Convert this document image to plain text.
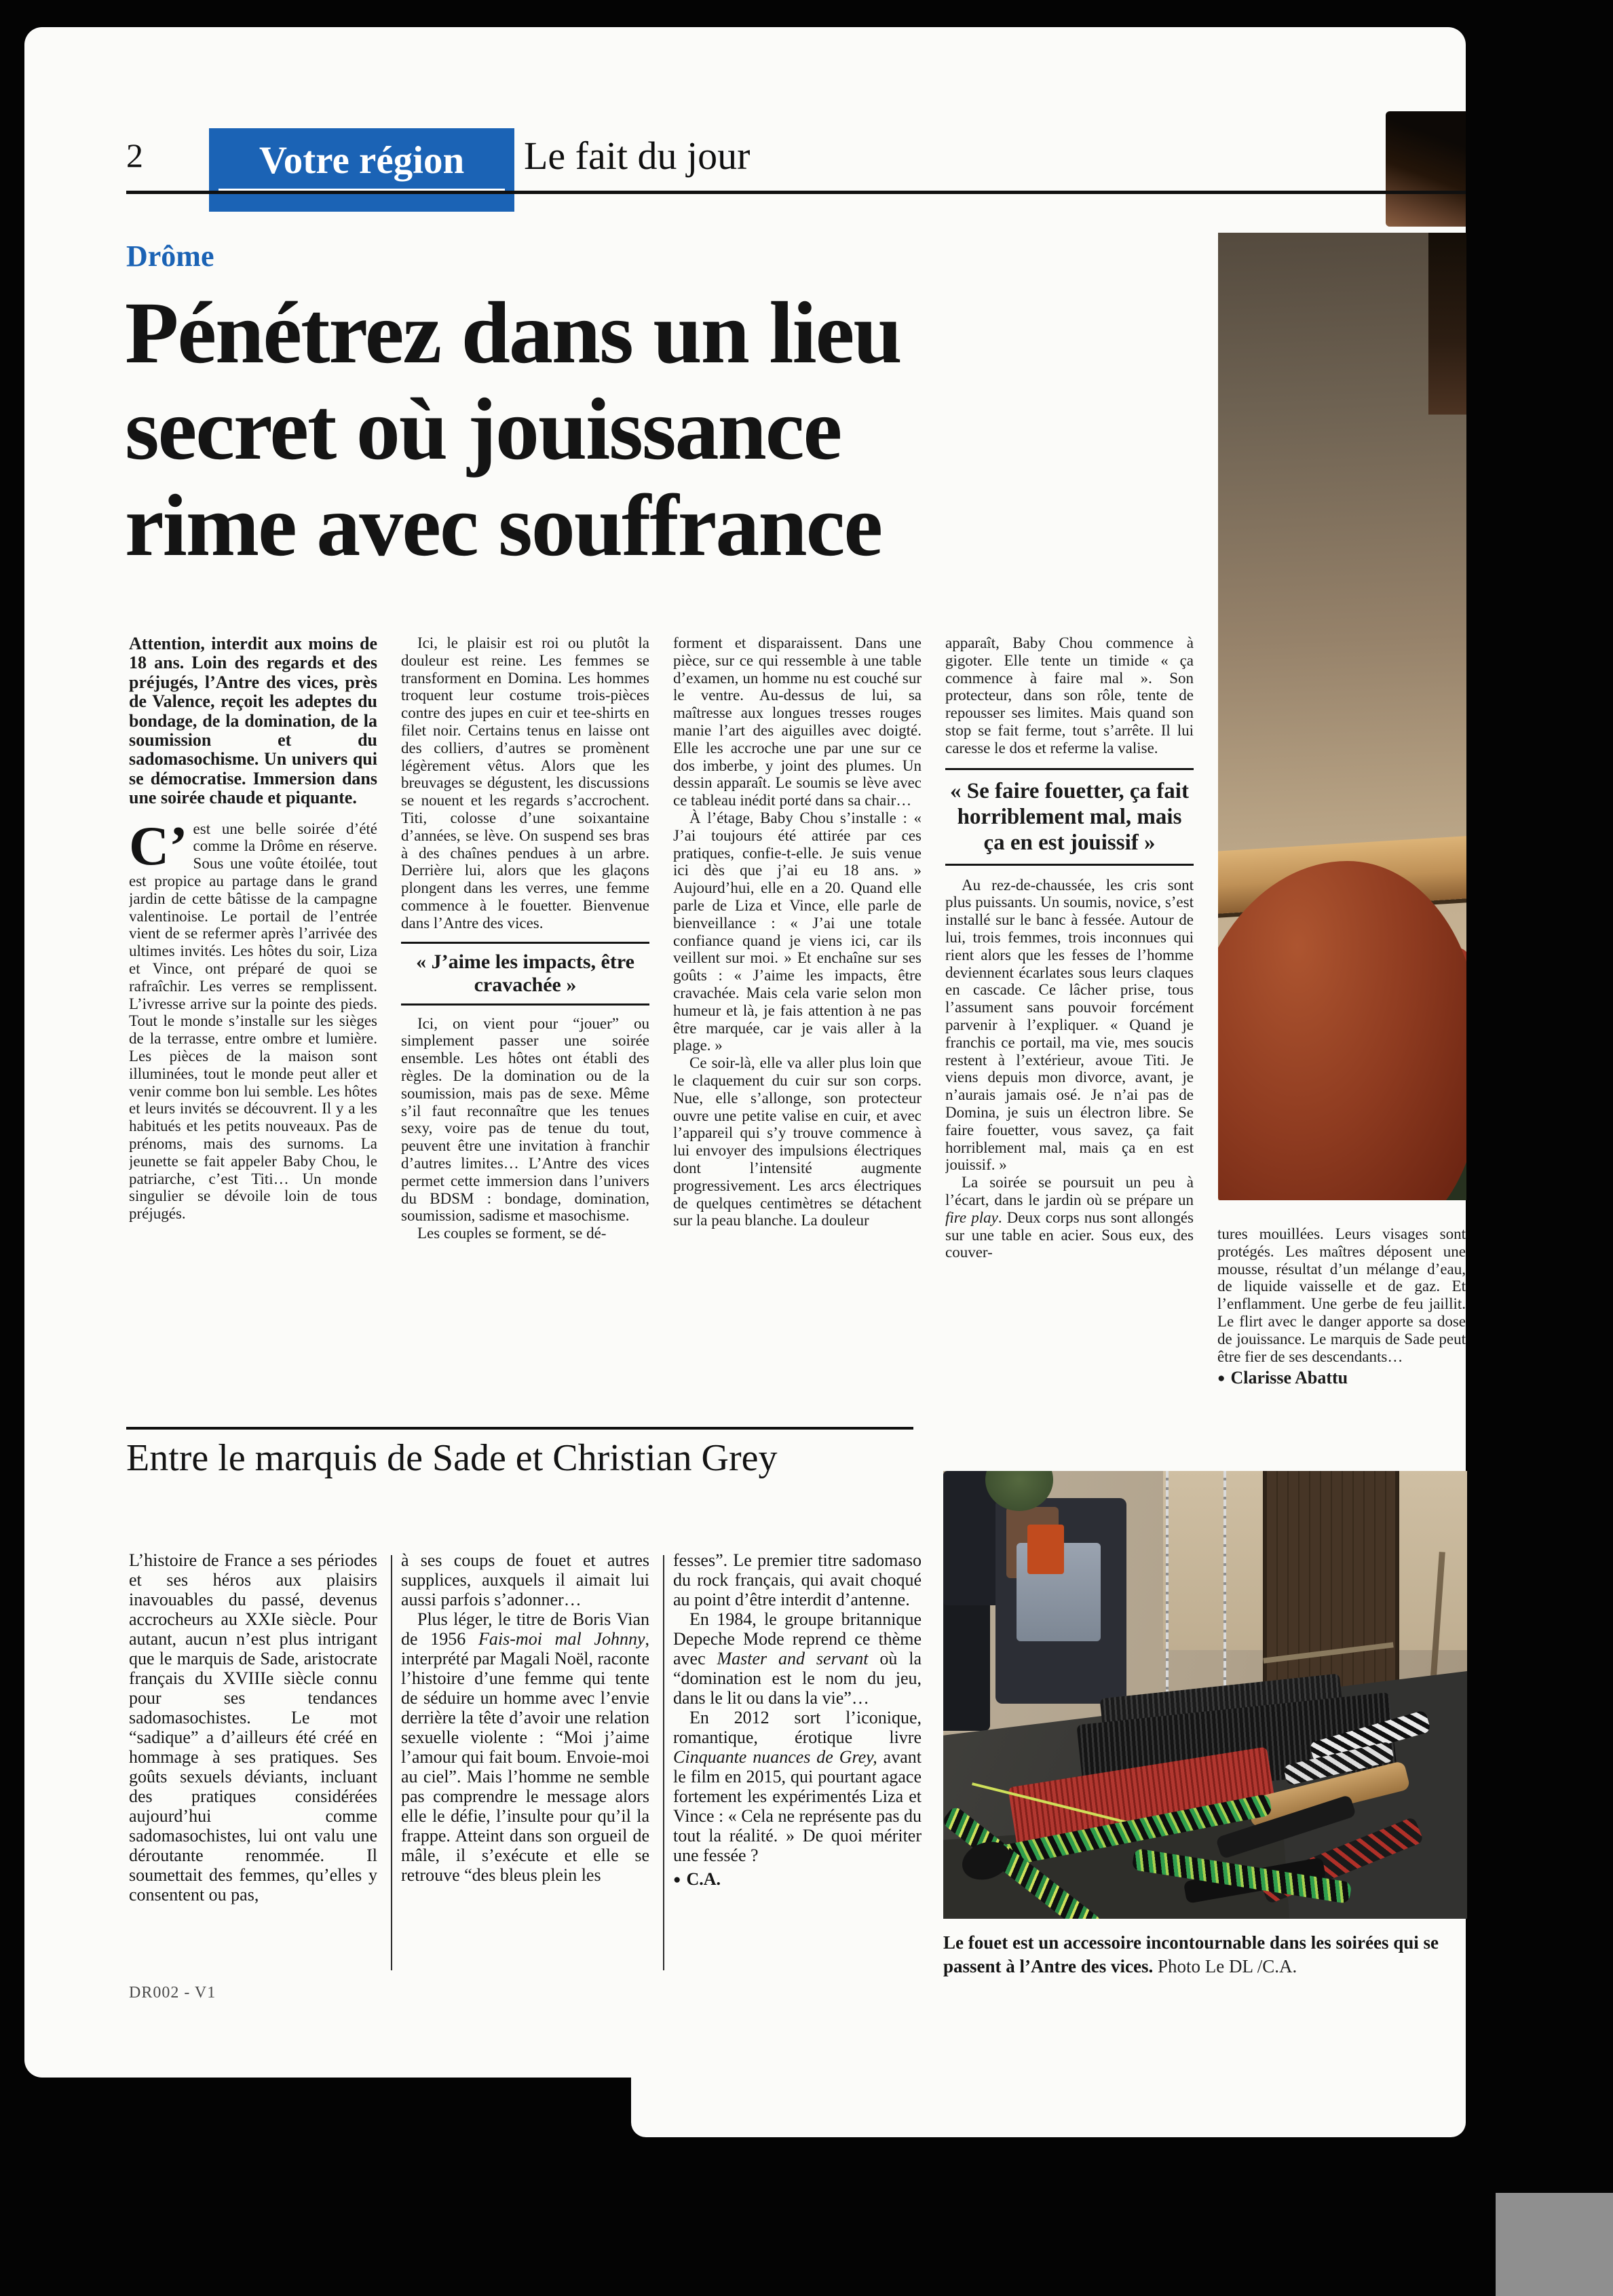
2	Votre région Le fait du jour
Drôme
Pénétrez dans un lieu
secret où jouissance
rime avec souffrance

Attention, interdit aux moins de 18 ans. Loin des regards et des préjugés, l’Antre des vices, près de Valence, reçoit les adeptes du bondage, de la domination, de la soumission et du sadomasochisme. Un univers qui se démocratise. Immersion dans une soirée chaude et piquante.

C’ est une belle soirée d’été comme la Drôme en réserve. Sous une voûte étoilée, tout est propice au partage dans le grand jardin de cette bâtisse de la campagne valentinoise. Le portail de l’entrée vient de se refermer après l’arrivée des ultimes invités. Les hôtes du soir, Liza et Vince, ont préparé de quoi se rafraîchir. Les verres se remplissent. L’ivresse arrive sur la pointe des pieds. Tout le monde s’installe sur les sièges de la terrasse, entre ombre et lumière. Les pièces de la maison sont illuminées, tout le monde peut aller et venir comme bon lui semble. Les hôtes et leurs invités se découvrent. Il y a les habitués et les petits nouveaux. Pas de prénoms, mais des surnoms. La jeunette se fait appeler Baby Chou, le patriarche, c’est Titi… Un monde singulier se dévoile loin de tous préjugés.

Ici, le plaisir est roi ou plutôt la douleur est reine. Les femmes se transforment en Domina. Les hommes troquent leur costume trois-pièces contre des jupes en cuir et tee-shirts en filet noir. Certains tenus en laisse ont des colliers, d’autres se promènent légèrement vêtus. Alors que les breuvages se dégustent, les discussions se nouent et les regards s’accrochent. Titi, colosse d’une soixantaine d’années, se lève. On suspend ses bras à des chaînes pendues à un arbre. Derrière lui, alors que les glaçons plongent dans les verres, une femme commence à le fouetter. Bienvenue dans l’Antre des vices.

« J’aime les impacts, être cravachée »

Ici, on vient pour “jouer” ou simplement passer une soirée ensemble. Les hôtes ont établi des règles. De la domination ou de la soumission, mais pas de sexe. Même s’il faut reconnaître que les tenues sexy, voire pas de tenue du tout, peuvent être une invitation à franchir d’autres limites… L’Antre des vices permet cette immersion dans l’univers du BDSM : bondage, domination, soumission, sadisme et masochisme.

Les couples se forment, se dé-

forment et disparaissent. Dans une pièce, sur ce qui ressemble à une table d’examen, un homme nu est couché sur le ventre. Au-dessus de lui, sa maîtresse aux longues tresses rouges manie l’art des aiguilles avec doigté. Elle les accroche une par une sur ce dos imberbe, y joint des plumes. Un dessin apparaît. Le soumis se lève avec ce tableau inédit porté dans sa chair…

À l’étage, Baby Chou s’installe : « J’ai toujours été attirée par ces pratiques, confie-t-elle. Je suis venue ici dès que j’ai eu 18 ans. » Aujourd’hui, elle en a 20. Quand elle parle de Liza et Vince, elle parle de bienveillance : « J’ai une totale confiance quand je viens ici, car ils veillent sur moi. » Et enchaîne sur ses goûts : « J’aime les impacts, être cravachée. Mais cela varie selon mon humeur et là, je fais attention à ne pas être marquée, car je vais aller à la plage. »

Ce soir-là, elle va aller plus loin que le claquement du cuir sur son corps. Nue, elle s’allonge, son protecteur ouvre une petite valise en cuir, et avec l’appareil qui s’y trouve commence à lui envoyer des impulsions électriques dont l’intensité augmente progressivement. Les arcs électriques de quelques centimètres se détachent sur la peau blanche. La douleur

apparaît, Baby Chou commence à gigoter. Elle tente un timide « ça commence à faire mal ». Son protecteur, dans son rôle, tente de repousser ses limites. Mais quand son stop se fait ferme, tout s’arrête. Il lui caresse le dos et referme la valise.

« Se faire fouetter, ça fait horriblement mal, mais ça en est jouissif »

Au rez-de-chaussée, les cris sont plus puissants. Un soumis, novice, s’est installé sur le banc à fessée. Autour de lui, trois femmes, trois inconnues qui rient alors que les fesses de l’homme deviennent écarlates sous leurs claques en cascade. Ce lâcher prise, tous l’assument sans pouvoir forcément parvenir à l’expliquer. « Quand je franchis ce portail, ma vie, mes soucis restent à l’extérieur, avoue Titi. Je viens depuis mon divorce, avant, je n’aurais jamais osé. Je n’ai pas de Domina, je suis un électron libre. Se faire fouetter, vous savez, ça fait horriblement mal, mais ça en est jouissif. »

La soirée se poursuit un peu à l’écart, dans le jardin où se prépare un fire play. Deux corps nus sont allongés sur une table en acier. Sous eux, des couver-

tures mouillées. Leurs visages sont protégés. Les maîtres déposent une mousse, résultat d’un mélange d’eau, de liquide vaisselle et de gaz. Et l’enflamment. Une gerbe de feu jaillit. Le flirt avec le danger apporte sa dose de jouissance. Le marquis de Sade peut être fier de ses descendants…

● Clarisse Abattu
Entre le marquis de Sade et Christian Grey

L’histoire de France a ses périodes et ses héros aux plaisirs inavouables du passé, devenus accrocheurs au XXIe siècle. Pour autant, aucun n’est plus intrigant que le marquis de Sade, aristocrate français du XVIIIe siècle connu pour ses tendances sadomasochistes. Le mot “sadique” a d’ailleurs été créé en hommage à ses pratiques. Ses goûts sexuels déviants, incluant des pratiques considérées aujourd’hui comme sadomasochistes, lui ont valu une déroutante renommée. Il soumettait des femmes, qu’elles y consentent ou pas,

à ses coups de fouet et autres supplices, auxquels il aimait lui aussi parfois s’adonner…

Plus léger, le titre de Boris Vian de 1956 Fais-moi mal Johnny, interprété par Magali Noël, raconte l’histoire d’une femme qui tente de séduire un homme avec l’envie derrière la tête d’avoir une relation sexuelle violente : “Moi j’aime l’amour qui fait boum. Envoie-moi au ciel”. Mais l’homme ne semble pas comprendre le message alors elle le défie, l’insulte pour qu’il la frappe. Atteint dans son orgueil de mâle, il s’exécute et elle se retrouve “des bleus plein les

fesses”. Le premier titre sadomaso du rock français, qui avait choqué au point d’être interdit d’antenne.

En 1984, le groupe britannique Depeche Mode reprend ce thème avec Master and servant où la “domination est le nom du jeu, dans le lit ou dans la vie”…

En 2012 sort l’iconique, romantique, érotique livre Cinquante nuances de Grey, avant le film en 2015, qui pourtant agace fortement les expérimentés Liza et Vince : « Cela ne représente pas du tout la réalité. » De quoi mériter une fessée ?

● C.A.
Le fouet est un accessoire incontournable dans les soirées qui se passent à l’Antre des vices. Photo Le DL /C.A.
DR002 - V1
